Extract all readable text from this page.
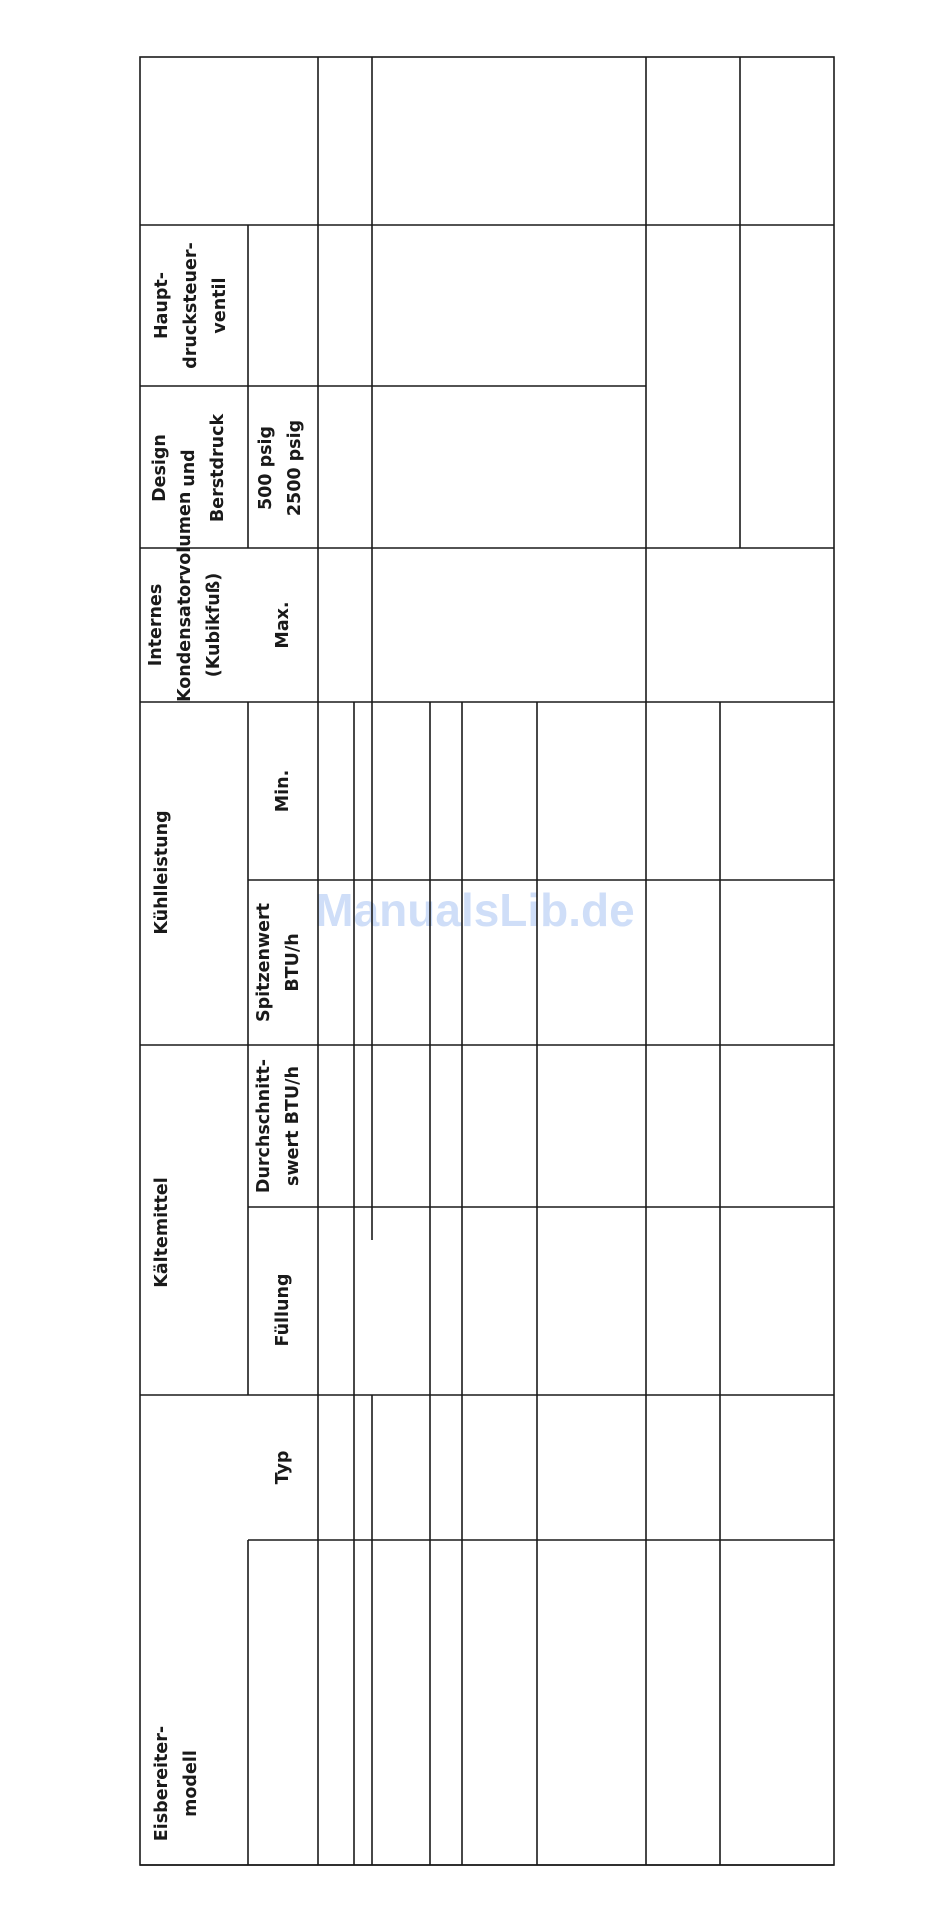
ManualsLib.de
Eisbereiter-
modell
Kältemittel
Typ
Füllung
Kühlleistung
Durchschnitt-
swert BTU/h
Spitzenwert
BTU/h
Internes
Kondensatorvolumen
(Kubikfuß)
Min.
Max.
Design
und
Berstdruck 500 psig
2500 psig
Haupt-
drucksteuer-
ventil
